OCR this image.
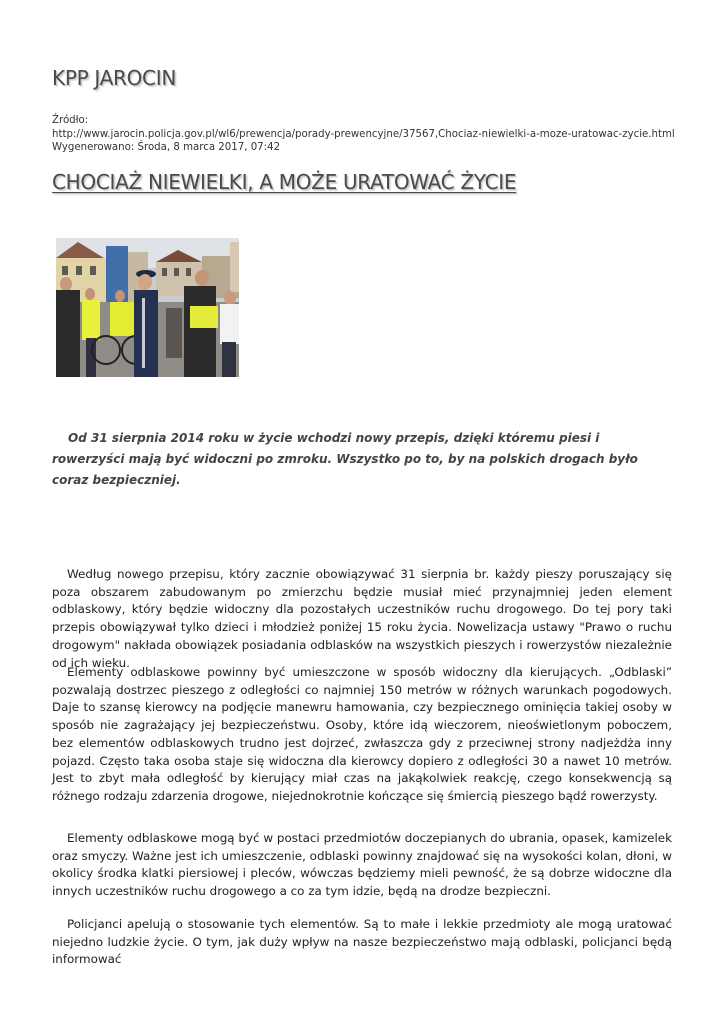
KPP JAROCIN
Źródło:
http://www.jarocin.policja.gov.pl/wl6/prewencja/porady-prewencyjne/37567,Chociaz-niewielki-a-moze-uratowac-zycie.html
Wygenerowano: Środa, 8 marca 2017, 07:42
CHOCIAŻ NIEWIELKI, A MOŻE URATOWAĆ ŻYCIE

Od 31 sierpnia 2014 roku w życie wchodzi nowy przepis, dzięki któremu piesi i rowerzyści mają być widoczni po zmroku. Wszystko po to, by na polskich drogach było coraz bezpieczniej.

Według nowego przepisu, który zacznie obowiązywać 31 sierpnia br. każdy pieszy poruszający się poza obszarem zabudowanym po zmierzchu będzie musiał mieć przynajmniej jeden element odblaskowy, który będzie widoczny dla pozostałych uczestników ruchu drogowego. Do tej pory taki przepis obowiązywał tylko dzieci i młodzież poniżej 15 roku życia. Nowelizacja ustawy "Prawo o ruchu drogowym" nakłada obowiązek posiadania odblasków na wszystkich pieszych i rowerzystów niezależnie od ich wieku.

Elementy odblaskowe powinny być umieszczone w sposób widoczny dla kierujących. „Odblaski” pozwalają dostrzec pieszego z odległości co najmniej 150 metrów w różnych warunkach pogodowych. Daje to szansę kierowcy na podjęcie manewru hamowania, czy bezpiecznego ominięcia takiej osoby w sposób nie zagrażający jej bezpieczeństwu. Osoby, które idą wieczorem, nieoświetlonym poboczem, bez elementów odblaskowych trudno jest dojrzeć, zwłaszcza gdy z przeciwnej strony nadjeżdża inny pojazd. Często taka osoba staje się widoczna dla kierowcy dopiero z odległości 30 a nawet 10 metrów. Jest to zbyt mała odległość by kierujący miał czas na jakąkolwiek reakcję, czego konsekwencją są różnego rodzaju zdarzenia drogowe, niejednokrotnie kończące się śmiercią pieszego bądź rowerzysty.

Elementy odblaskowe mogą być w postaci przedmiotów doczepianych do ubrania, opasek, kamizelek oraz smyczy. Ważne jest ich umieszczenie, odblaski powinny znajdować się na wysokości kolan, dłoni, w okolicy środka klatki piersiowej i pleców, wówczas będziemy mieli pewność, że są dobrze widoczne dla innych uczestników ruchu drogowego a co za tym idzie, będą na drodze bezpieczni.

Policjanci apelują o stosowanie tych elementów. Są to małe i lekkie przedmioty ale mogą uratować niejedno ludzkie życie. O tym, jak duży wpływ na nasze bezpieczeństwo mają odblaski, policjanci będą informować
